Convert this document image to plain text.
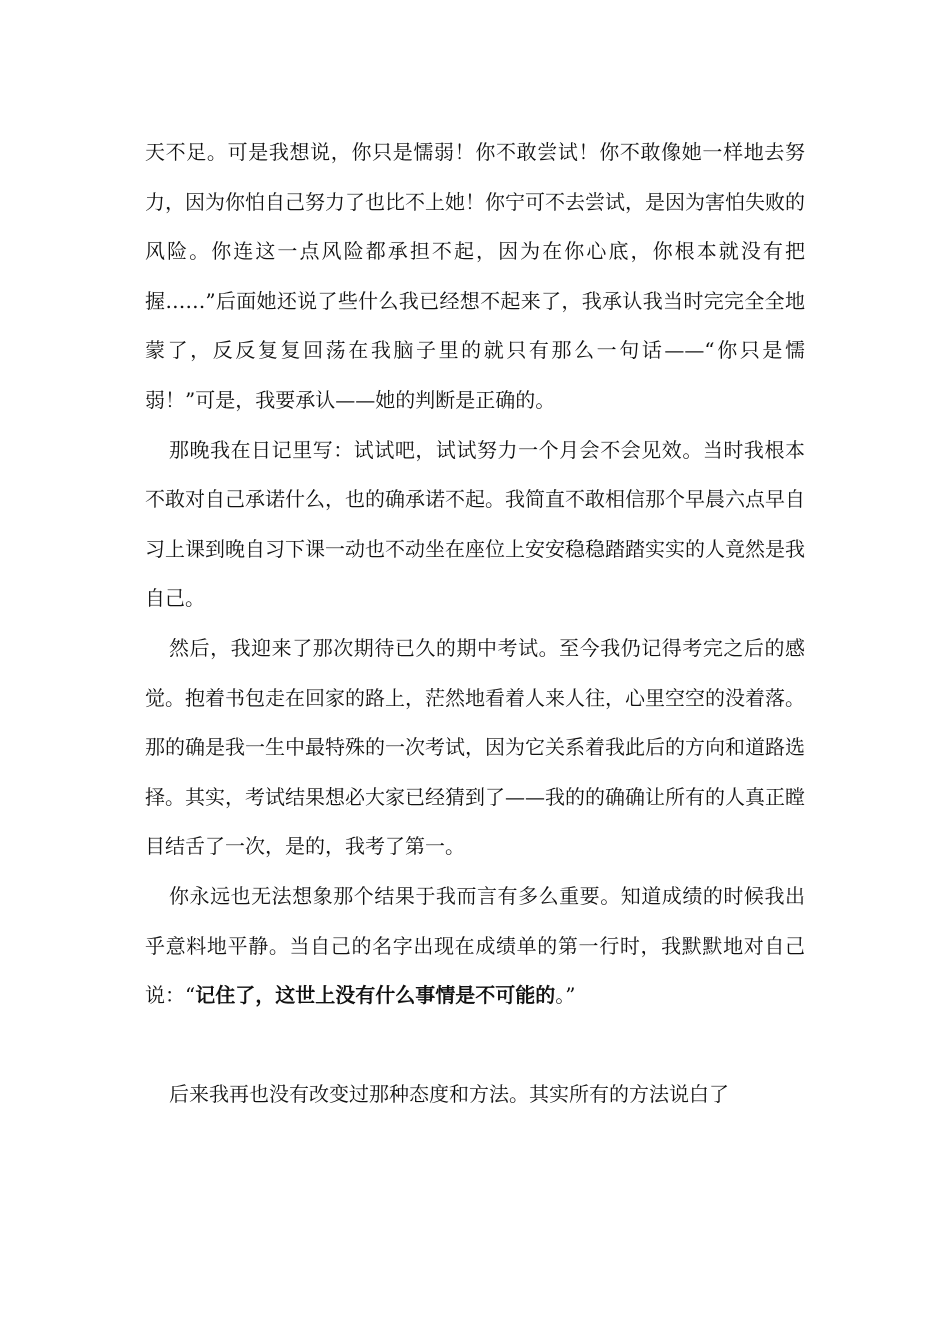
天不足。可是我想说，你只是懦弱！你不敢尝试！你不敢像她一样地去努力，因为你怕自己努力了也比不上她！你宁可不去尝试，是因为害怕失败的风险。你连这一点风险都承担不起，因为在你心底，你根本就没有把握……”后面她还说了些什么我已经想不起来了，我承认我当时完完全全地蒙了，反反复复回荡在我脑子里的就只有那么一句话——“你只是懦弱！”可是，我要承认——她的判断是正确的。

那晚我在日记里写：试试吧，试试努力一个月会不会见效。当时我根本不敢对自己承诺什么，也的确承诺不起。我简直不敢相信那个早晨六点早自习上课到晚自习下课一动也不动坐在座位上安安稳稳踏踏实实的人竟然是我自己。

然后，我迎来了那次期待已久的期中考试。至今我仍记得考完之后的感觉。抱着书包走在回家的路上，茫然地看着人来人往，心里空空的没着落。那的确是我一生中最特殊的一次考试，因为它关系着我此后的方向和道路选择。其实，考试结果想必大家已经猜到了——我的的确确让所有的人真正瞠目结舌了一次，是的，我考了第一。

你永远也无法想象那个结果于我而言有多么重要。知道成绩的时候我出乎意料地平静。当自己的名字出现在成绩单的第一行时，我默默地对自己说：“记住了，这世上没有什么事情是不可能的。”

后来我再也没有改变过那种态度和方法。其实所有的方法说白了
